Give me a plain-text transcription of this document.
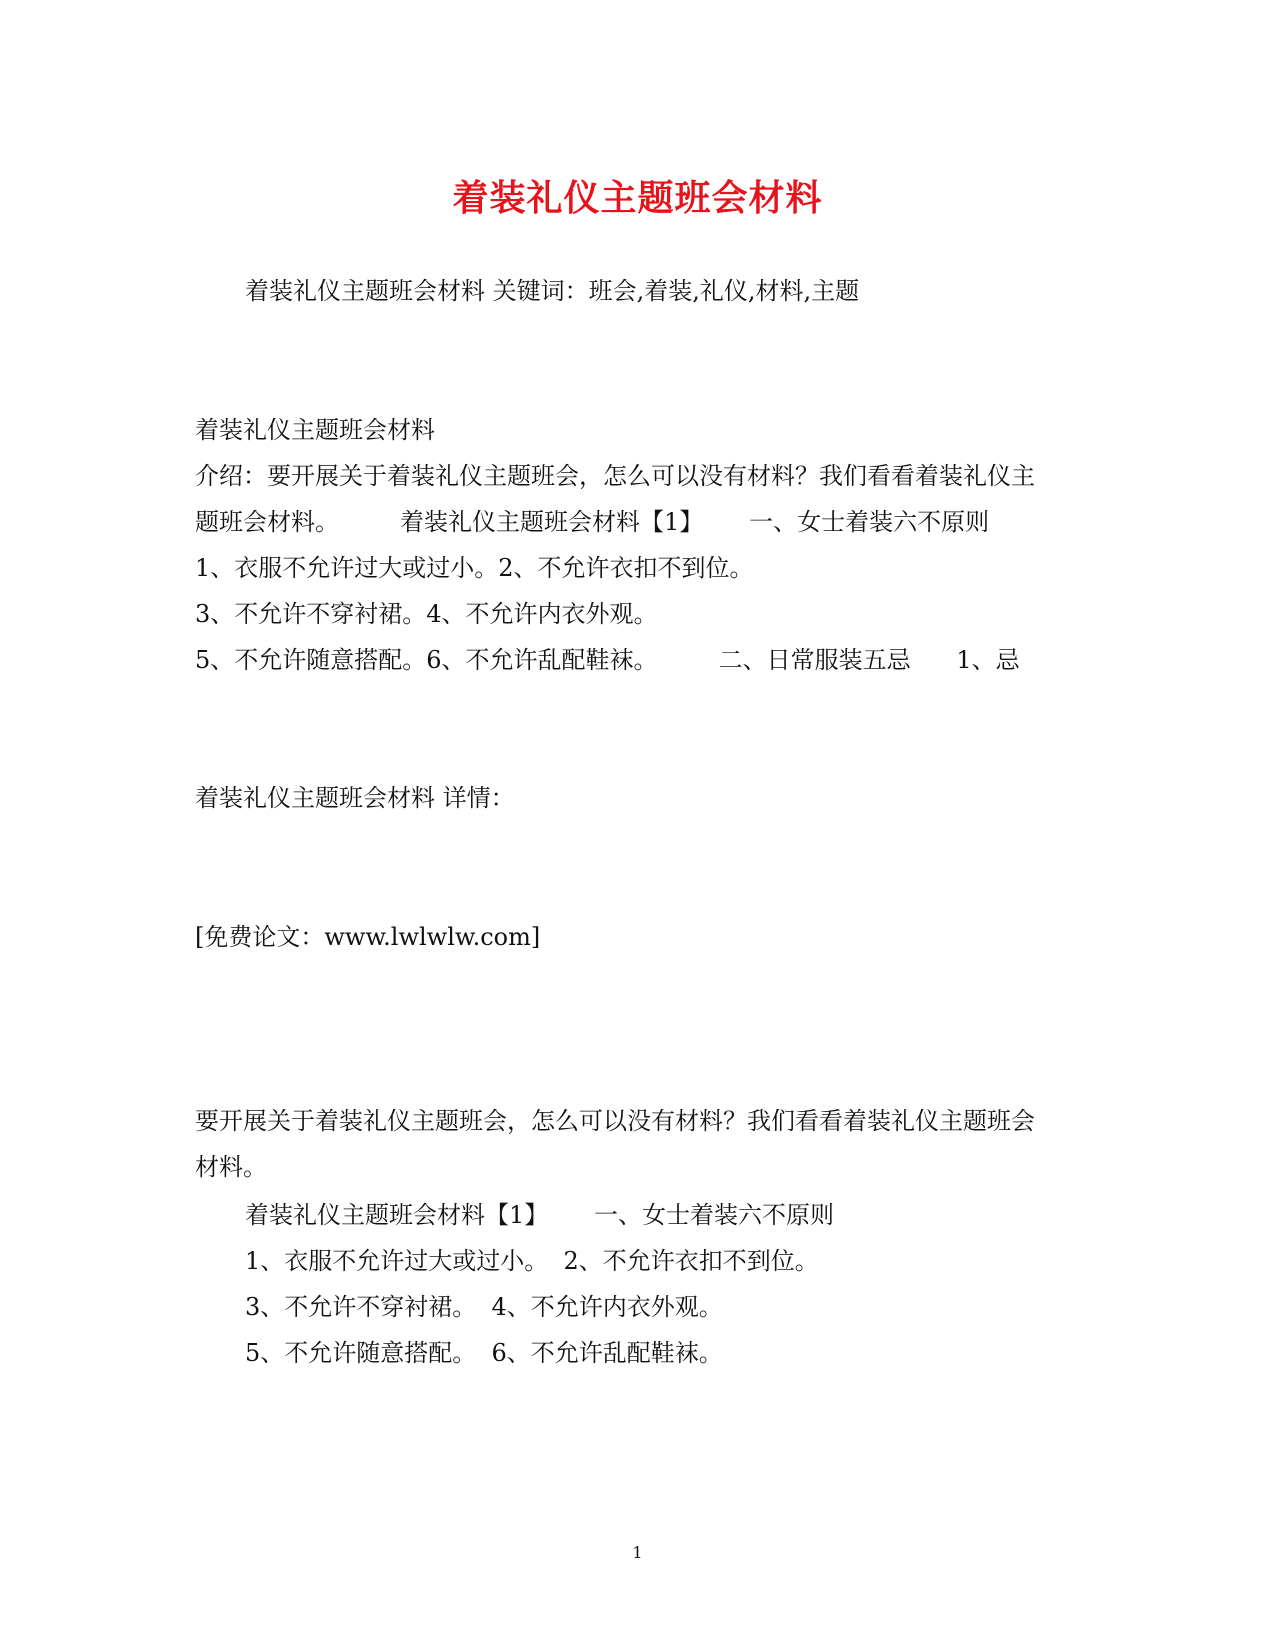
着装礼仪主题班会材料
着装礼仪主题班会材料 关键词：班会,着装,礼仪,材料,主题
着装礼仪主题班会材料
介绍：要开展关于着装礼仪主题班会，怎么可以没有材料？我们看看着装礼仪主
题班会材料。        着装礼仪主题班会材料【1】      一、女士着装六不原则
1、衣服不允许过大或过小。2、不允许衣扣不到位。
3、不允许不穿衬裙。4、不允许内衣外观。
5、不允许随意搭配。6、不允许乱配鞋袜。        二、日常服装五忌      1、忌
着装礼仪主题班会材料 详情：
[免费论文：www.lwlwlw.com]
要开展关于着装礼仪主题班会，怎么可以没有材料？我们看看着装礼仪主题班会
材料。
着装礼仪主题班会材料【1】      一、女士着装六不原则
1、衣服不允许过大或过小。  2、不允许衣扣不到位。
3、不允许不穿衬裙。  4、不允许内衣外观。
5、不允许随意搭配。  6、不允许乱配鞋袜。
1
